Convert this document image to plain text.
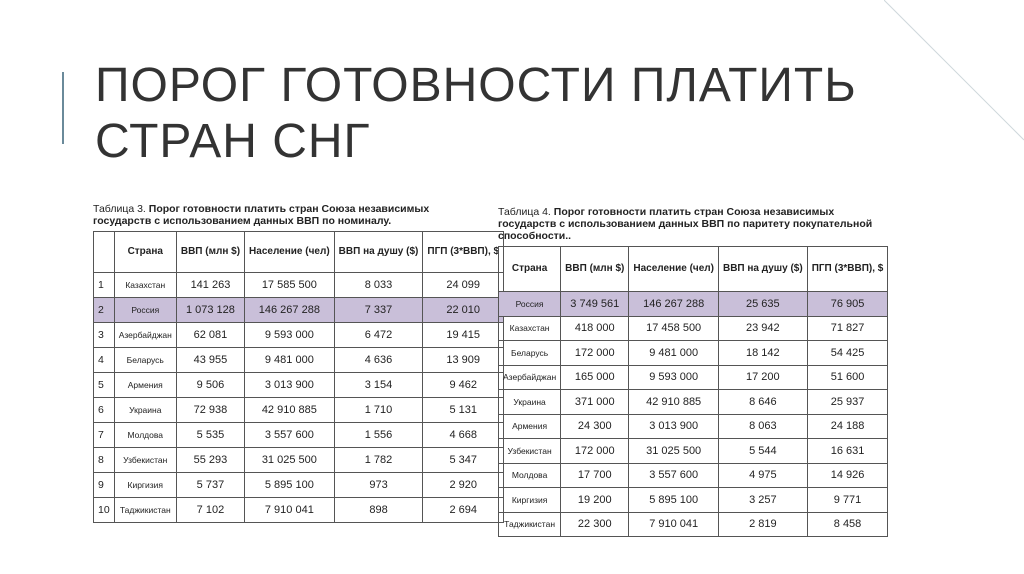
ПОРОГ ГОТОВНОСТИ ПЛАТИТЬ
СТРАН СНГ
Таблица 3. Порог готовности платить стран Союза независимых государств с использованием данных ВВП по номиналу.
	Страна	ВВП (млн $)	Население (чел)	ВВП на душу ($)	ПГП (3*ВВП), $
1	Казахстан	141 263	17 585 500	8 033	24 099
2	Россия	1 073 128	146 267 288	7 337	22 010
3	Азербайджан	62 081	9 593 000	6 472	19 415
4	Беларусь	43 955	9 481 000	4 636	13 909
5	Армения	9 506	3 013 900	3 154	9 462
6	Украина	72 938	42 910 885	1 710	5 131
7	Молдова	5 535	3 557 600	1 556	4 668
8	Узбекистан	55 293	31 025 500	1 782	5 347
9	Киргизия	5 737	5 895 100	973	2 920
10	Таджикистан	7 102	7 910 041	898	2 694
Таблица 4. Порог готовности платить стран Союза независимых государств с использованием данных ВВП по паритету покупательной способности..
Страна	ВВП (млн $)	Население (чел)	ВВП на душу ($)	ПГП (3*ВВП), $
Россия	3 749 561	146 267 288	25 635	76 905
Казахстан	418 000	17 458 500	23 942	71 827
Беларусь	172 000	9 481 000	18 142	54 425
Азербайджан	165 000	9 593 000	17 200	51 600
Украина	371 000	42 910 885	8 646	25 937
Армения	24 300	3 013 900	8 063	24 188
Узбекистан	172 000	31 025 500	5 544	16 631
Молдова	17 700	3 557 600	4 975	14 926
Киргизия	19 200	5 895 100	3 257	9 771
Таджикистан	22 300	7 910 041	2 819	8 458
